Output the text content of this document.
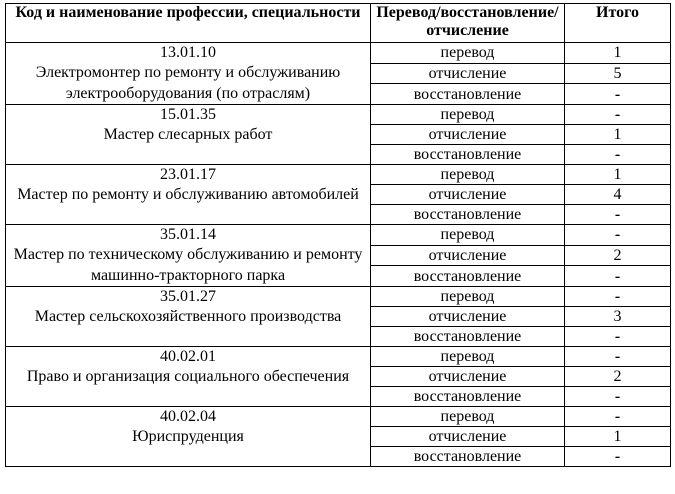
Код и наименование профессии, специальности	Перевод/восстановление/отчисление	Итого

13.01.10
Электромонтер по ремонту и обслуживанию электрооборудования (по отраслям)	перевод	1
	отчисление	5
	восстановление	-

15.01.35
Мастер слесарных работ	перевод	-
	отчисление	1
	восстановление	-

23.01.17
Мастер по ремонту и обслуживанию автомобилей	перевод	1
	отчисление	4
	восстановление	-

35.01.14
Мастер по техническому обслуживанию и ремонту машинно-тракторного парка	перевод	-
	отчисление	2
	восстановление	-

35.01.27
Мастер сельскохозяйственного производства	перевод	-
	отчисление	3
	восстановление	-

40.02.01
Право и организация социального обеспечения	перевод	-
	отчисление	2
	восстановление	-

40.02.04
Юриспруденция	перевод	-
	отчисление	1
	восстановление	-
